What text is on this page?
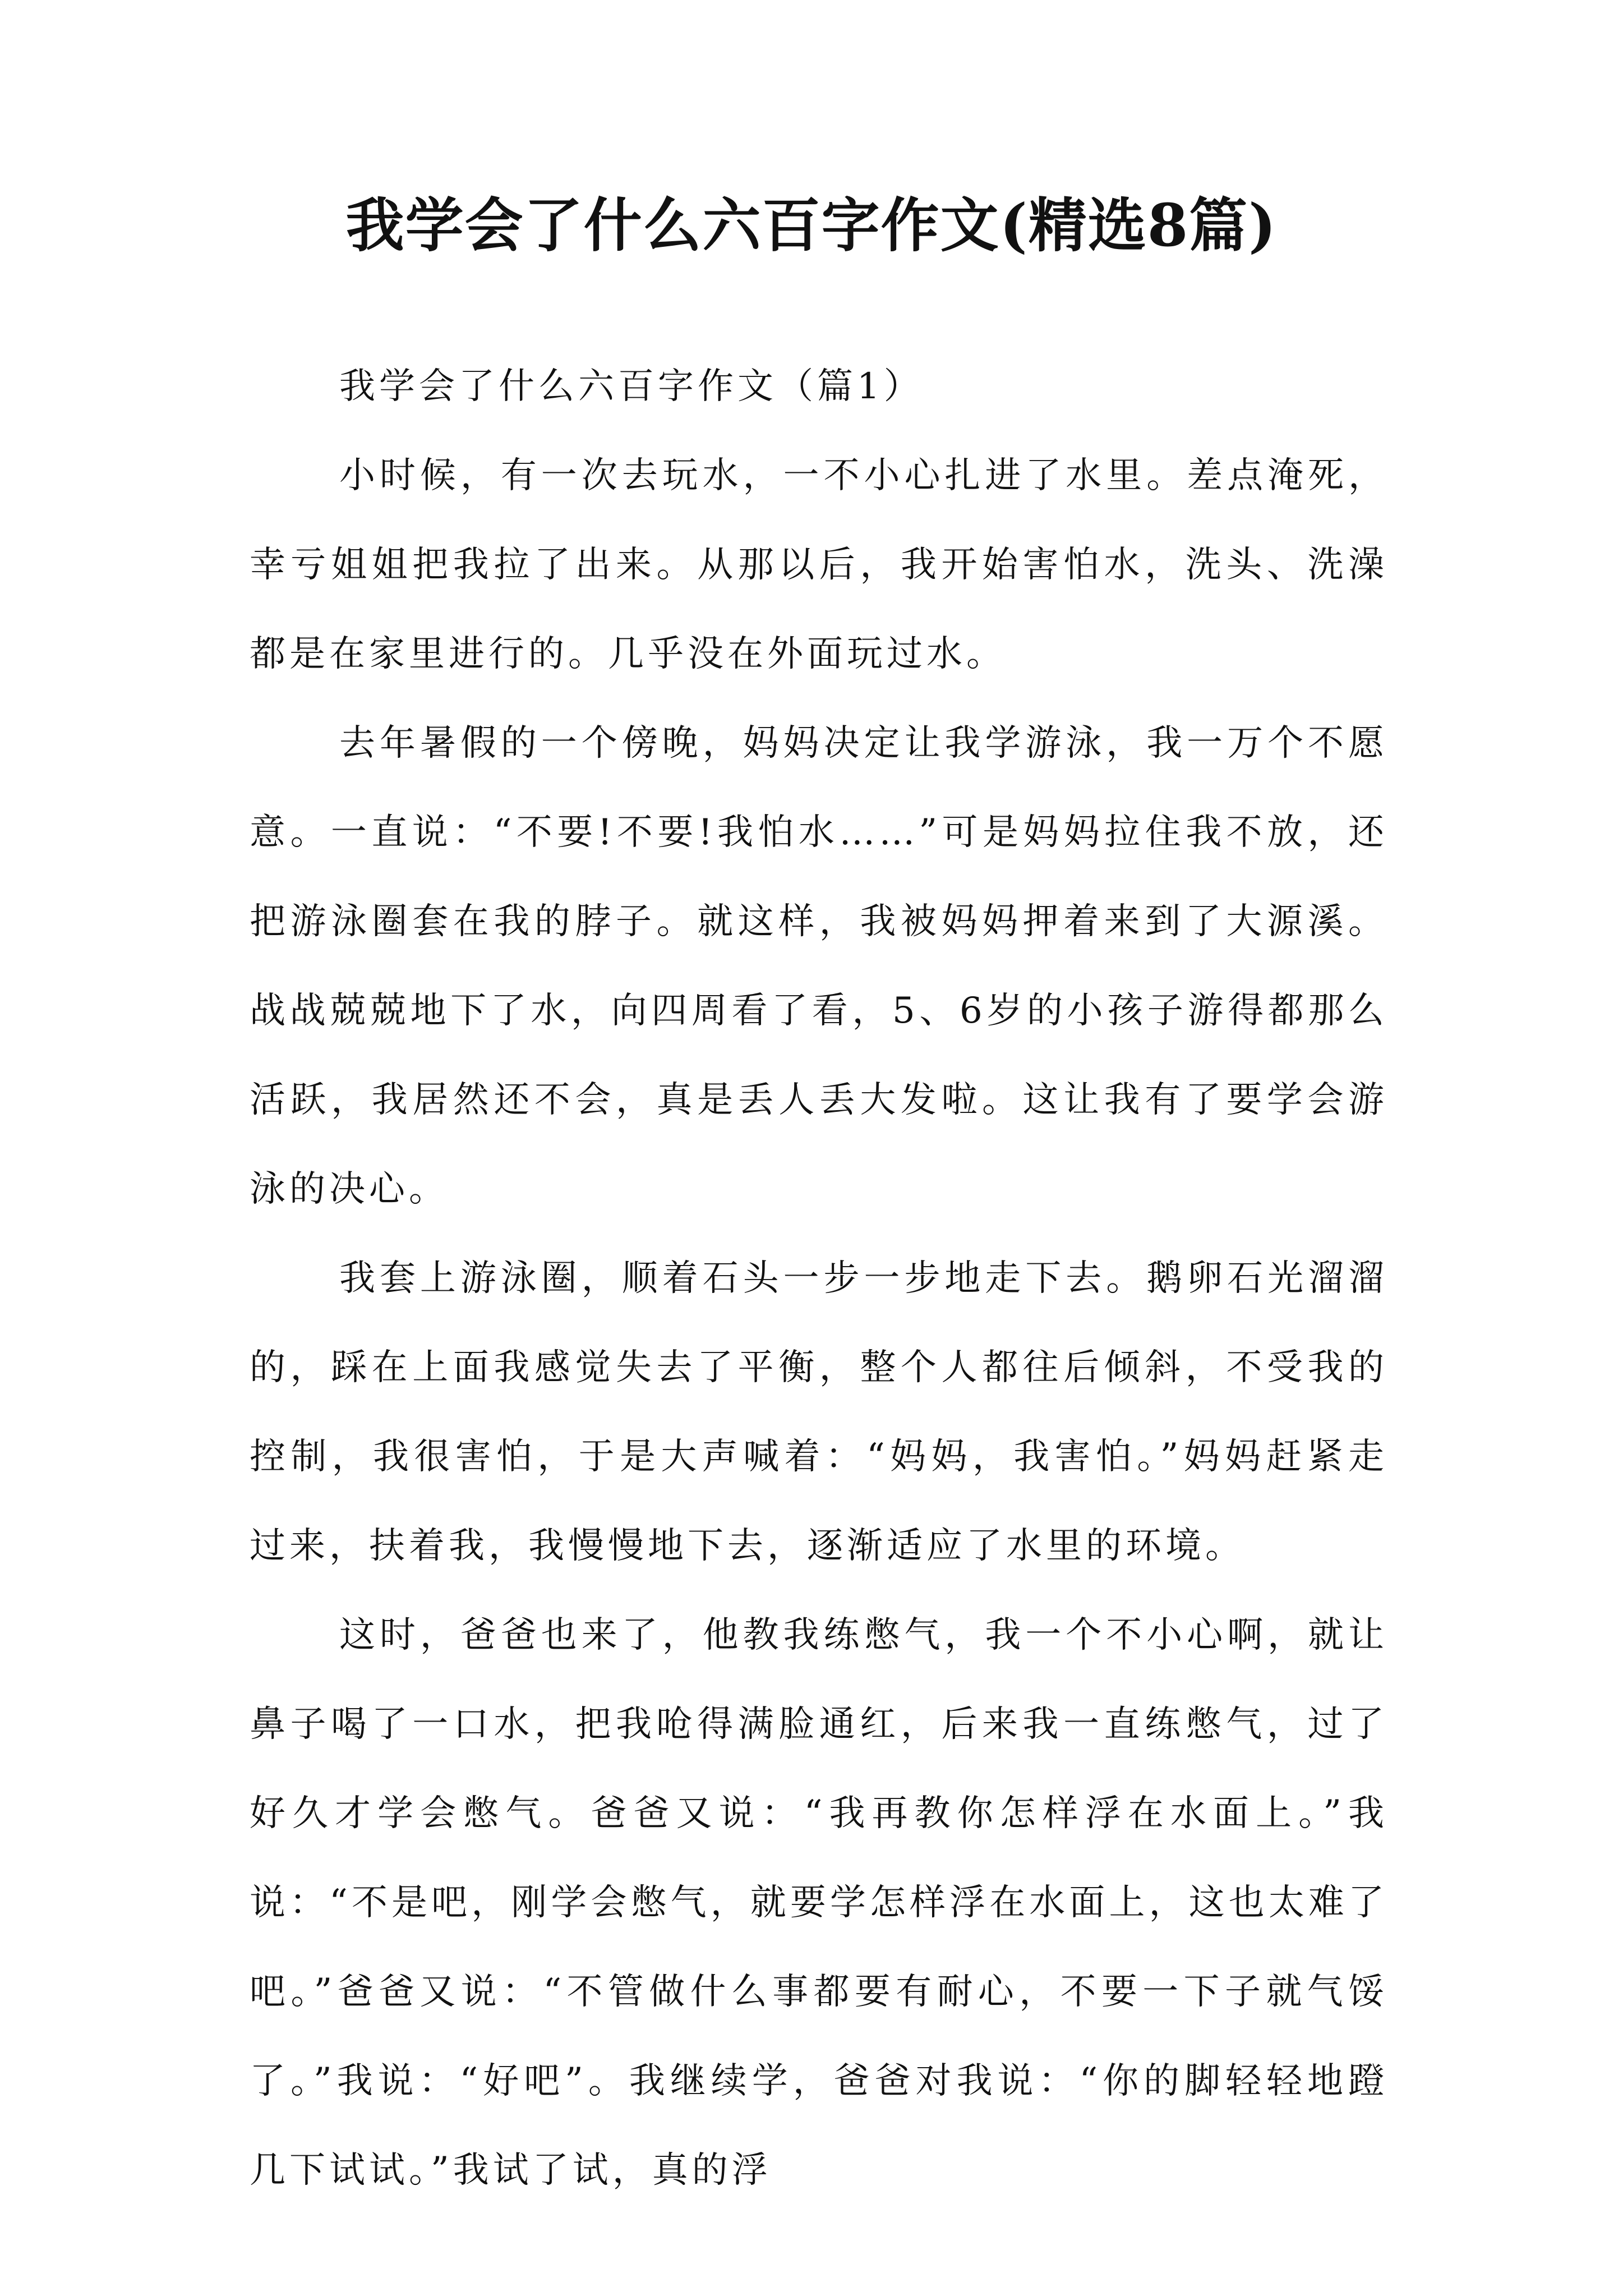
我学会了什么六百字作文(精选8篇)

我学会了什么六百字作文（篇1）

小时候，有一次去玩水，一不小心扎进了水里。差点淹死，幸亏姐姐把我拉了出来。从那以后，我开始害怕水，洗头、洗澡都是在家里进行的。几乎没在外面玩过水。

去年暑假的一个傍晚，妈妈决定让我学游泳，我一万个不愿意。一直说：“不要!不要!我怕水……”可是妈妈拉住我不放，还把游泳圈套在我的脖子。就这样，我被妈妈押着来到了大源溪。战战兢兢地下了水，向四周看了看，5、6岁的小孩子游得都那么活跃，我居然还不会，真是丢人丢大发啦。这让我有了要学会游泳的决心。

我套上游泳圈，顺着石头一步一步地走下去。鹅卵石光溜溜的，踩在上面我感觉失去了平衡，整个人都往后倾斜，不受我的控制，我很害怕，于是大声喊着：“妈妈，我害怕。”妈妈赶紧走过来，扶着我，我慢慢地下去，逐渐适应了水里的环境。

这时，爸爸也来了，他教我练憋气，我一个不小心啊，就让鼻子喝了一口水，把我呛得满脸通红，后来我一直练憋气，过了好久才学会憋气。爸爸又说：“我再教你怎样浮在水面上。”我说：“不是吧，刚学会憋气，就要学怎样浮在水面上，这也太难了吧。”爸爸又说：“不管做什么事都要有耐心，不要一下子就气馁了。”我说：“好吧”。我继续学，爸爸对我说：“你的脚轻轻地蹬几下试试。”我试了试，真的浮
